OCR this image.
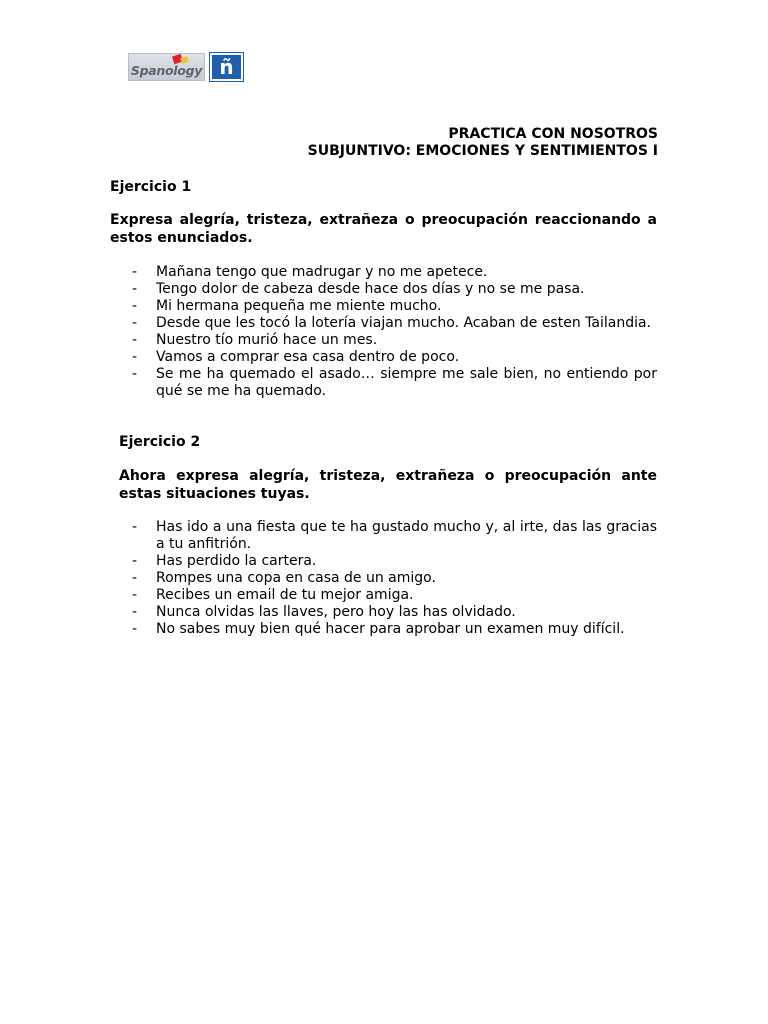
Spanology ñ
PRACTICA CON NOSOTROS
SUBJUNTIVO: EMOCIONES Y SENTIMIENTOS I
Ejercicio 1
Expresa alegría, tristeza, extrañeza o preocupación reaccionando a estos enunciados.
- Mañana tengo que madrugar y no me apetece.
- Tengo dolor de cabeza desde hace dos días y no se me pasa.
- Mi hermana pequeña me miente mucho.
- Desde que les tocó la lotería viajan mucho. Acaban de esten Tailandia.
- Nuestro tío murió hace un mes.
- Vamos a comprar esa casa dentro de poco.
- Se me ha quemado el asado… siempre me sale bien, no entiendo por qué se me ha quemado.
Ejercicio 2
Ahora expresa alegría, tristeza, extrañeza o preocupación ante estas situaciones tuyas.
- Has ido a una fiesta que te ha gustado mucho y, al irte, das las gracias a tu anfitrión.
- Has perdido la cartera.
- Rompes una copa en casa de un amigo.
- Recibes un email de tu mejor amiga.
- Nunca olvidas las llaves, pero hoy las has olvidado.
- No sabes muy bien qué hacer para aprobar un examen muy difícil.
